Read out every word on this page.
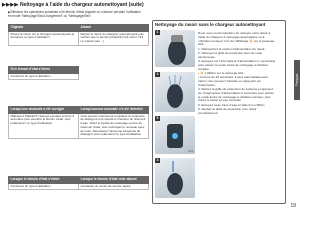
▶▶▶▶ Nettoyage à l’aide du chargeur autonettoyant (suite)
▶Effectuer les opérations suivantes si le témoin d’état clignote ou s’allume pendant l’utilisation en mode “Nettoyage/Sec/Chargement” ou “Nettoyage/Sec”.
Clignote	Allumé
Placez le rasoir sur le chargeur autonettoyant et démarrez un type d’utilisation.	Retirez le rasoir du chargeur autonettoyant puis vérifiez que le témoin [CLEAN] s’est éteint. (S’il ne s’éteint pas ...)
Si le témoin d’état s’éteint
Continuez un type d’utilisation.
Lorsqu’une anomalie a été corrigée	Lorsqu’aucune anomalie n’a été détectée
Maintenez [SELECT] appuyé pendant environ 2 secondes pour éteindre le témoin d’état, puis redémarrez un type d’utilisation.	Vous pouvez maintenant remplacer la cartouche de détergent et le liquide à l’intérieur du réservoir d’eau. Videz le liquide de nettoyage encore du réservoir d’eau, puis rechargez le nouveau avec de l’eau. Remplacez l’ancienne cartouche de détergent puis redémarrez le type d’utilisation.
Lorsque le témoin d’état s’éteint	Lorsque le témoin d’état reste allumé
Continuez un type d’utilisation.	Contactez un centre de service agréé.
Nettoyage du rasoir sans le chargeur autonettoyant
1
2
3
ACL
4

Nous vous recommandons de nettoyer votre rasoir à l’aide du chargeur à nettoyage automatique ou à “vibration sonique” lors de l’affichage 🔆 sur le panneau ACL.

1. Débranchez le cordon d’alimentation du rasoir.

2. Nettoyez la grille de protection avec de l’eau savonneuse.

3. Appuyez sur l’interrupteur d’alimentation (≈ secondes) pour activer le mode lustre de nettoyage à vibration sonique.

• 🔆 s’affiche sur le panneau ACL.

• Au bout de 20 secondes, il sera automatiquement éteint; vous pouvez l’éteindre en appuyant sur l’interrupteur.

4. Retirez la grille de protection du système et appuyez sur l’interrupteur d’alimentation 2 secondes pour activer le mode lustre de nettoyage à vibration sonique; puis rincez le rasoir à l’eau courante.

5. Essuyez toute trace d’eau à l’aide d’un chiffon.

6. Séchez la grille de protection et le rasoir complètement.

Français
19
